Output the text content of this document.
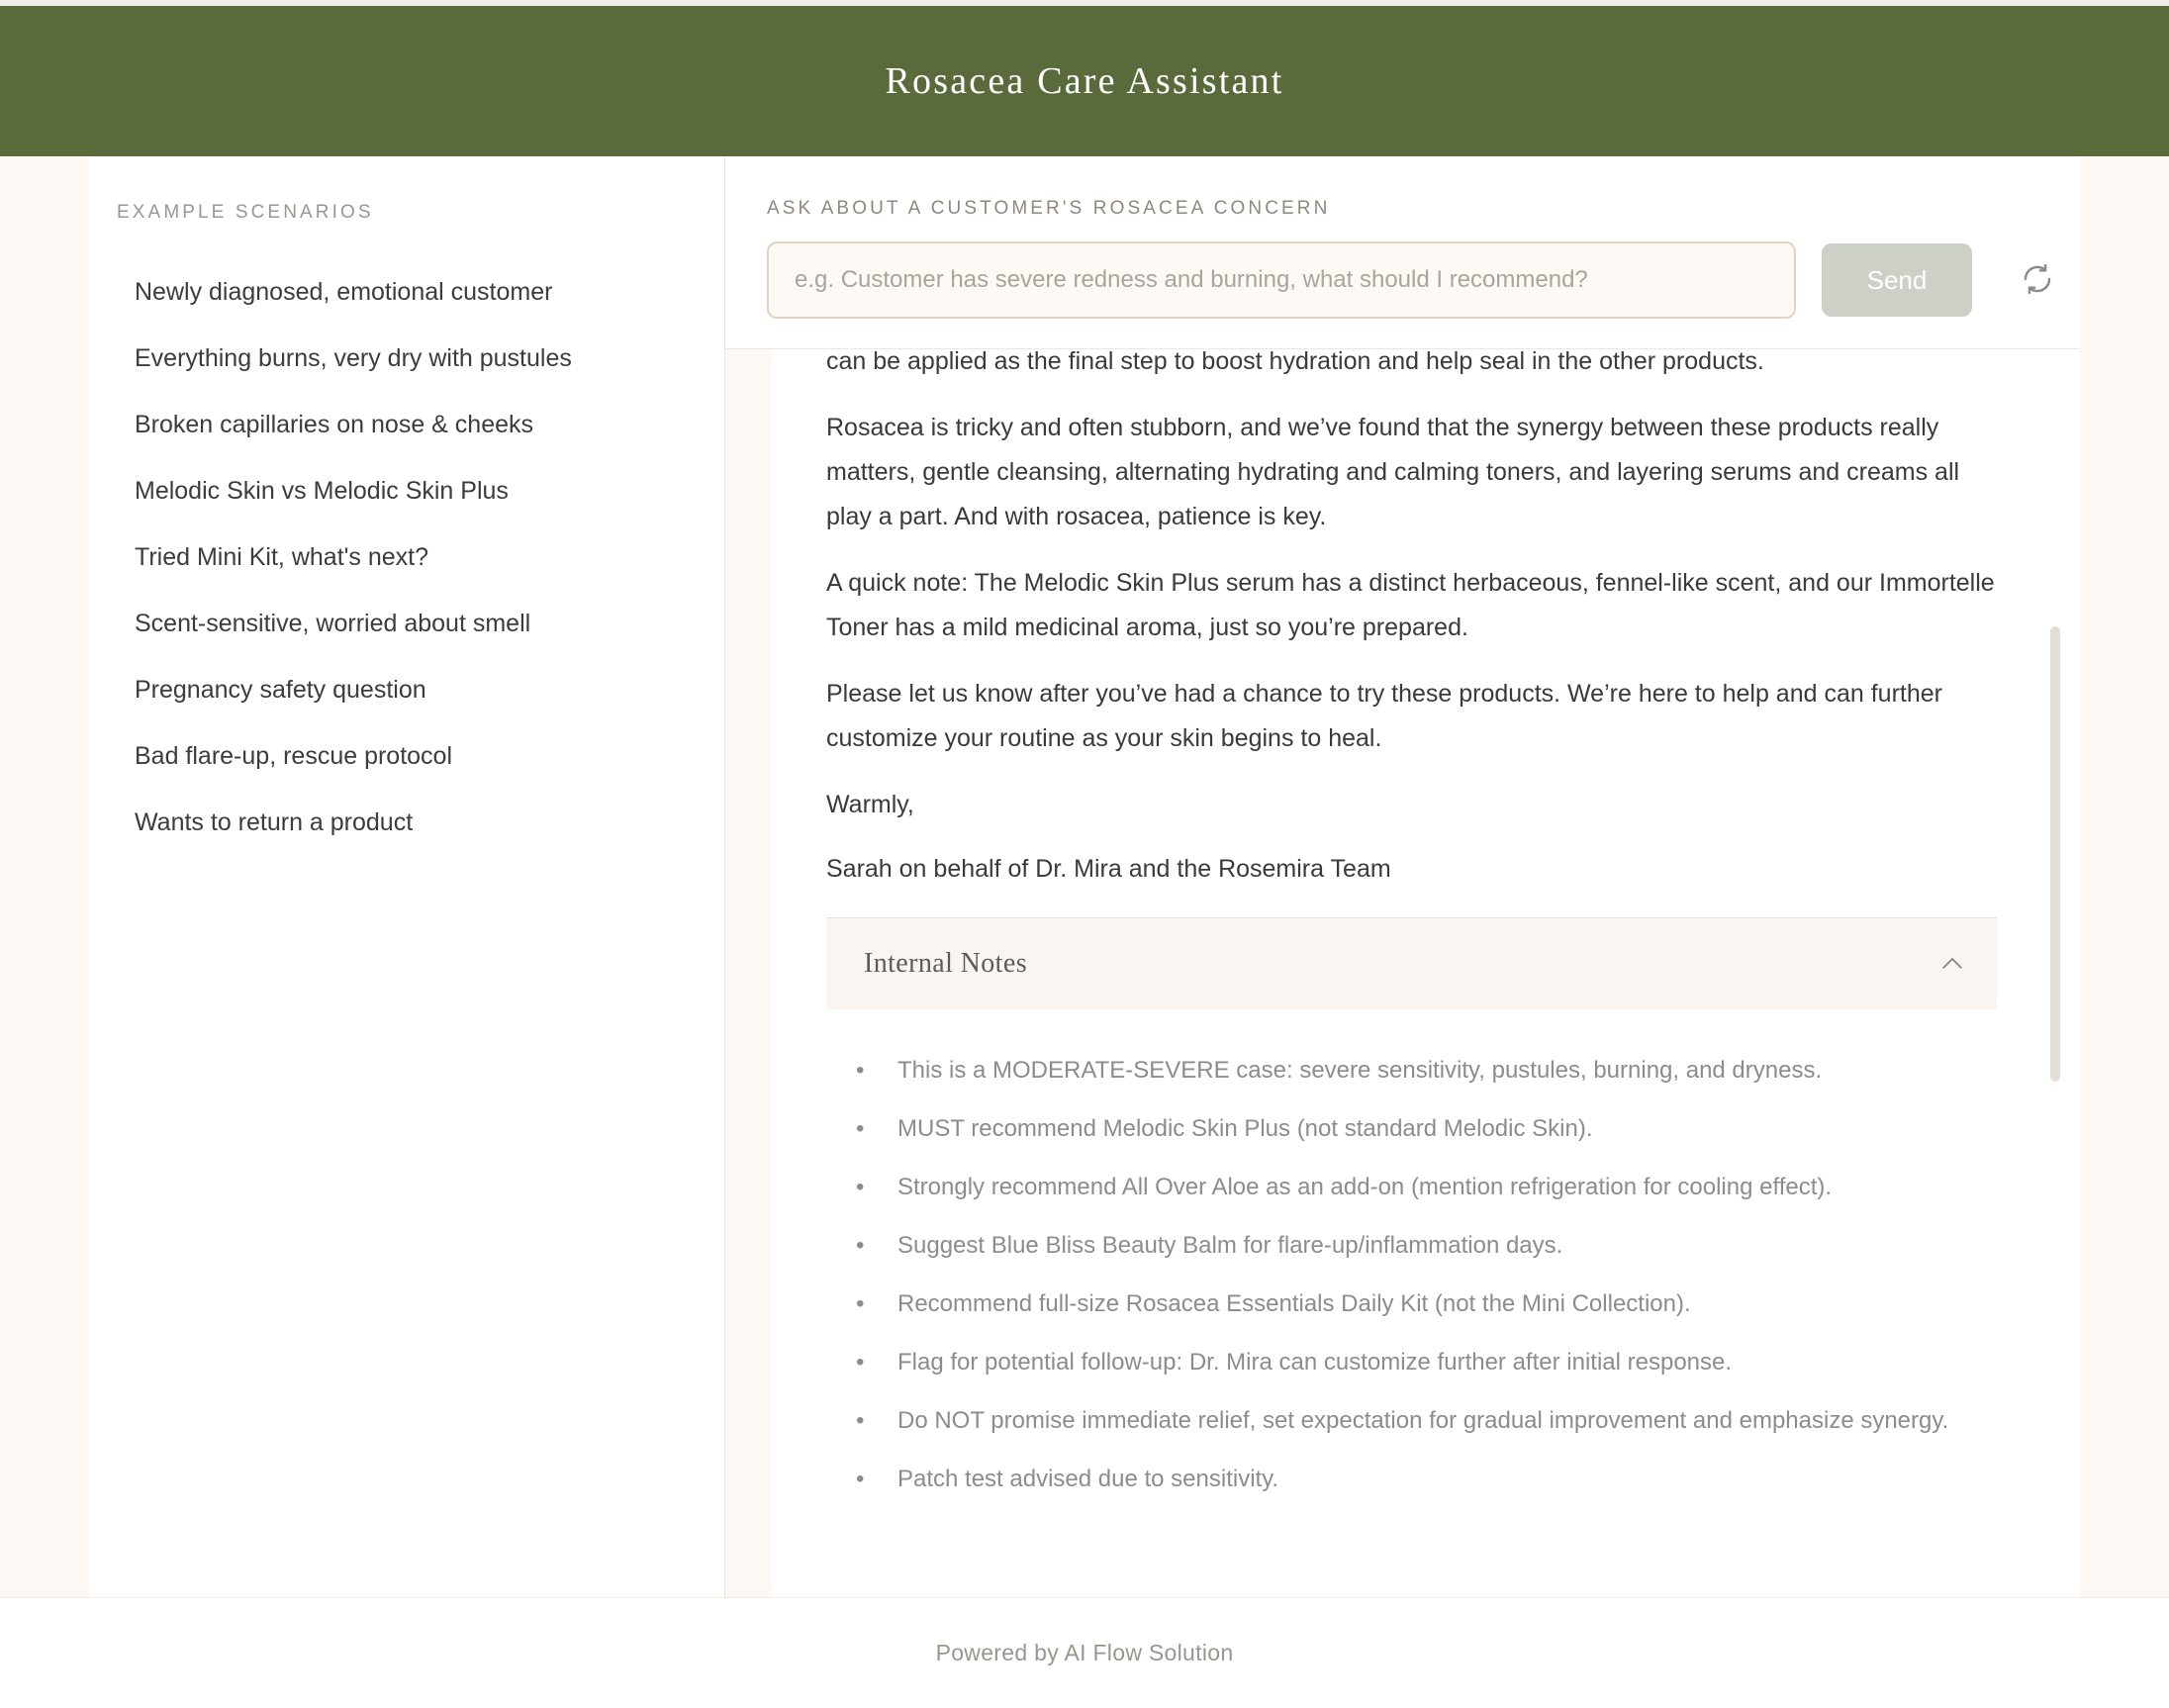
Rosacea Care Assistant
EXAMPLE SCENARIOS
Newly diagnosed, emotional customer
Everything burns, very dry with pustules
Broken capillaries on nose & cheeks
Melodic Skin vs Melodic Skin Plus
Tried Mini Kit, what's next?
Scent-sensitive, worried about smell
Pregnancy safety question
Bad flare-up, rescue protocol
Wants to return a product
ASK ABOUT A CUSTOMER'S ROSACEA CONCERN
e.g. Customer has severe redness and burning, what should I recommend?
Send

can be applied as the final step to boost hydration and help seal in the other products.

Rosacea is tricky and often stubborn, and we’ve found that the synergy between these products really matters, gentle cleansing, alternating hydrating and calming toners, and layering serums and creams all play a part. And with rosacea, patience is key.

A quick note: The Melodic Skin Plus serum has a distinct herbaceous, fennel-like scent, and our Immortelle Toner has a mild medicinal aroma, just so you’re prepared.

Please let us know after you’ve had a chance to try these products. We’re here to help and can further customize your routine as your skin begins to heal.

Warmly,

Sarah on behalf of Dr. Mira and the Rosemira Team

Internal Notes
• This is a MODERATE-SEVERE case: severe sensitivity, pustules, burning, and dryness.
• MUST recommend Melodic Skin Plus (not standard Melodic Skin).
• Strongly recommend All Over Aloe as an add-on (mention refrigeration for cooling effect).
• Suggest Blue Bliss Beauty Balm for flare-up/inflammation days.
• Recommend full-size Rosacea Essentials Daily Kit (not the Mini Collection).
• Flag for potential follow-up: Dr. Mira can customize further after initial response.
• Do NOT promise immediate relief, set expectation for gradual improvement and emphasize synergy.
• Patch test advised due to sensitivity.
Powered by AI Flow Solution
